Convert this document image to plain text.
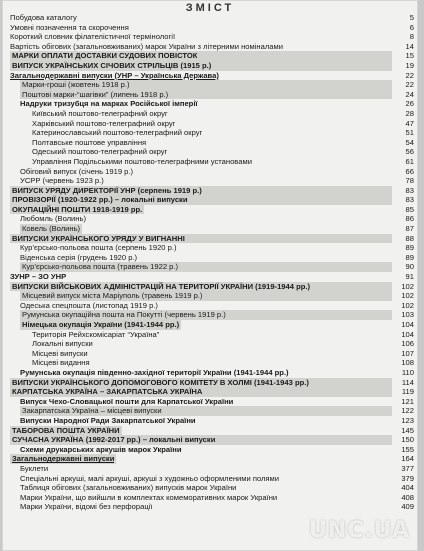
ЗМІСТ
Побудова каталогу	5
Умовні позначення та скорочення	6
Короткий словник філателістичної термінології	8
Вартість обігових (загальновживаних) марок України з літерними номіналами	14
МАРКИ ОПЛАТИ ДОСТАВКИ СУДОВИХ ПОВІСТОК	15
ВИПУСК УКРАЇНСЬКИХ СІЧОВИХ СТРІЛЬЦІВ (1915 р.)	19
Загальнодержавні випуски (УНР – Українська Держава)	22
Марки-гроші (жовтень 1918 р.)	22
Поштові марки-“шагівки” (липень 1918 р.)	24
Надруки тризубця на марках Російської імперії	26
Київський поштово-телеграфний округ	28
Харківський поштово-телеграфний округ	47
Катеринославський поштово-телеграфний округ	51
Полтавське поштове управління	54
Одеський поштово-телеграфний округ	56
Управління Подільськими поштово-телеграфними установами	61
Обіговий випуск (січень 1919 р.)	66
УСРР (червень 1923 р.)	78
ВИПУСК УРЯДУ ДИРЕКТОРІЇ УНР (серпень 1919 р.)	83
ПРОВІЗОРІЇ (1920-1922 рр.) – локальні випуски	83
ОКУПАЦІЙНІ ПОШТИ 1918-1919 рр.	85
Любомль (Волинь)	86
Ковель (Волинь)	87
ВИПУСКИ УКРАЇНСЬКОГО УРЯДУ У ВИГНАННІ	88
Кур’єрсько-польова пошта (серпень 1920 р.)	89
Віденська серія (грудень 1920 р.)	89
Кур’єрсько-польова пошта (травень 1922 р.)	90
ЗУНР – ЗО УНР	91
ВИПУСКИ ВІЙСЬКОВИХ АДМІНІСТРАЦІЙ НА ТЕРИТОРІЇ УКРАЇНИ (1919-1944 рр.)	102
Місцевий випуск міста Маріуполь (травень 1919 р.)	102
Одеська спецпошта (листопад 1919 р.)	102
Румунська окупаційна пошта на Покутті (червень 1919 р.)	103
Німецька окупація України (1941-1944 рр.)	104
Територія Рейхскомісаріат “Україна”	104
Локальні випуски	106
Місцеві випуски	107
Місцеві видання	108
Румунська окупація південно-західної території України (1941-1944 рр.)	110
ВИПУСКИ УКРАЇНСЬКОГО ДОПОМОГОВОГО КОМІТЕТУ В ХОЛМІ (1941-1943 рр.)	114
КАРПАТСЬКА УКРАЇНА – ЗАКАРПАТСЬКА УКРАЇНА	119
Випуск Чехо-Словацької пошти для Карпатської України	121
Закарпатська Україна – місцеві випуски	122
Випуски Народної Ради Закарпатської України	123
ТАБОРОВА ПОШТА УКРАЇНИ	145
СУЧАСНА УКРАЇНА (1992-2017 рр.) – локальні випуски	150
Схеми друкарських аркушів марок України	155
Загальнодержавні випуски	164
Буклети	377
Спеціальні аркуші, малі аркуші, аркуші з художньо оформленими полями	379
Таблиця обігових (загальновживаних) випусків марок України	404
Марки України, що вийшли в комплектах комеморативних марок України	408
Марки України, відомі без перфорації	409
UNC.UA
